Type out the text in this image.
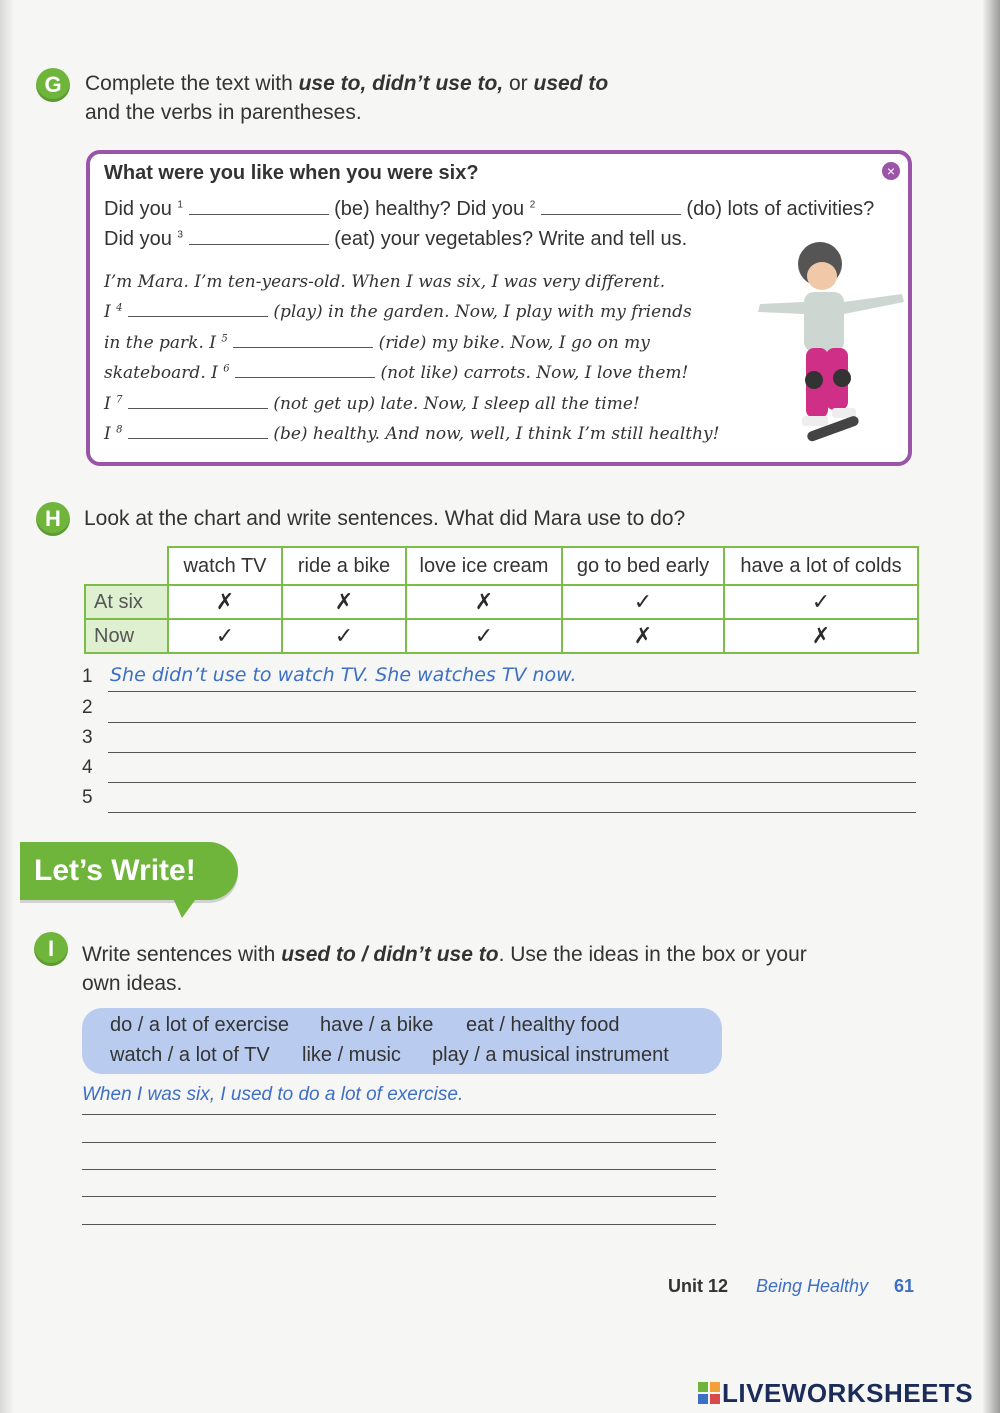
G	Complete the text with use to, didn’t use to, or used to
and the verbs in parentheses.
What were you like when you were six?	×
Did you $^1$	(be) healthy? Did you $^2$	(do) lots of activities?
Did you $^3$	(eat) your vegetables? Write and tell us.
I’m Mara. I’m ten-years-old. When I was six, I was very different.
I $^4$	(play) in the garden. Now, I play with my friends
in the park. I $^5$	(ride) my bike. Now, I go on my
skateboard. I $^6$	(not like) carrots. Now, I love them!
I $^7$	(not get up) late. Now, I sleep all the time!
I $^8$	(be) healthy. And now, well, I think I’m still healthy!
H	Look at the chart and write sentences. What did Mara use to do?
	watch TV	ride a bike	love ice cream	go to bed early	have a lot of colds
At six	✗	✗	✗	✓	✓
Now	✓	✓	✓	✗	✗
1 She didn’t use to watch TV. She watches TV now.
2
3
4
5
Let’s Write!
I	Write sentences with used to / didn’t use to. Use the ideas in the box or your own ideas.
do / a lot of exercise have / a bike eat / healthy food
watch / a lot of TV like / music play / a musical instrument
When I was six, I used to do a lot of exercise.
Unit 12 Being Healthy 61
LIVEWORKSHEETS
